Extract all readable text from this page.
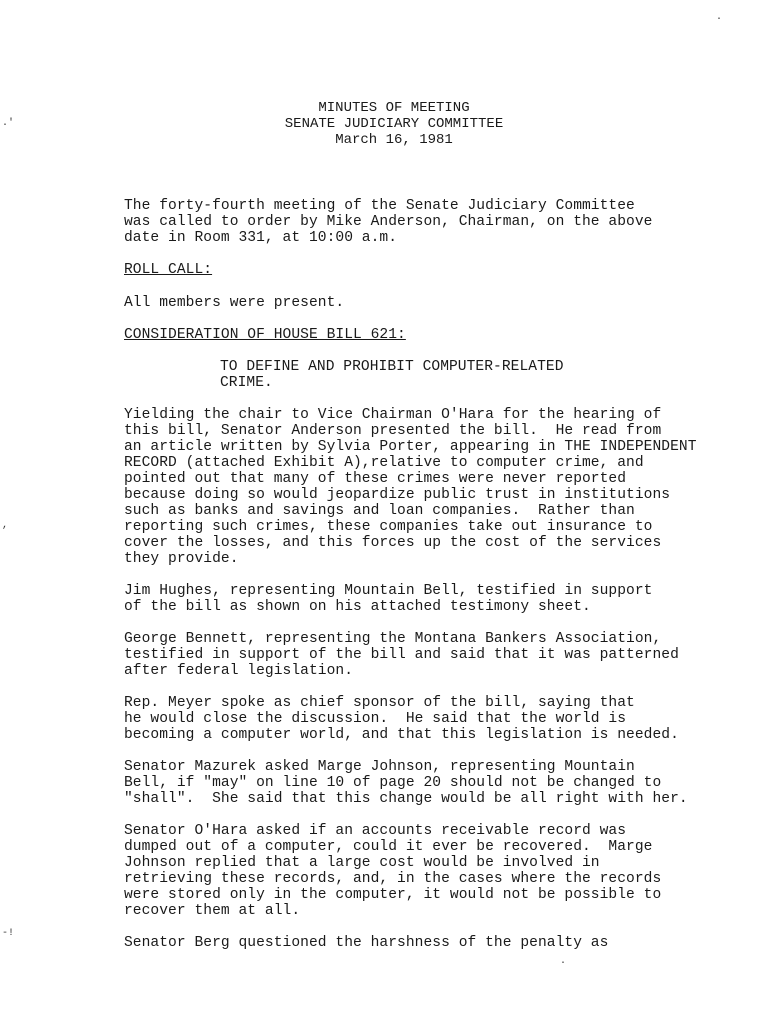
MINUTES OF MEETING
SENATE JUDICIARY COMMITTEE
March 16, 1981
The forty-fourth meeting of the Senate Judiciary Committee
was called to order by Mike Anderson, Chairman, on the above
date in Room 331, at 10:00 a.m.
ROLL CALL:
All members were present.
CONSIDERATION OF HOUSE BILL 621:
TO DEFINE AND PROHIBIT COMPUTER-RELATED
CRIME.
Yielding the chair to Vice Chairman O'Hara for the hearing of
this bill, Senator Anderson presented the bill.  He read from
an article written by Sylvia Porter, appearing in THE INDEPENDENT
RECORD (attached Exhibit A),relative to computer crime, and
pointed out that many of these crimes were never reported
because doing so would jeopardize public trust in institutions
such as banks and savings and loan companies.  Rather than
reporting such crimes, these companies take out insurance to
cover the losses, and this forces up the cost of the services
they provide.
Jim Hughes, representing Mountain Bell, testified in support
of the bill as shown on his attached testimony sheet.
George Bennett, representing the Montana Bankers Association,
testified in support of the bill and said that it was patterned
after federal legislation.
Rep. Meyer spoke as chief sponsor of the bill, saying that
he would close the discussion.  He said that the world is
becoming a computer world, and that this legislation is needed.
Senator Mazurek asked Marge Johnson, representing Mountain
Bell, if "may" on line 10 of page 20 should not be changed to
"shall".  She said that this change would be all right with her.
Senator O'Hara asked if an accounts receivable record was
dumped out of a computer, could it ever be recovered.  Marge
Johnson replied that a large cost would be involved in
retrieving these records, and, in the cases where the records
were stored only in the computer, it would not be possible to
recover them at all.
Senator Berg questioned the harshness of the penalty as
·
.'
,
-!
·
